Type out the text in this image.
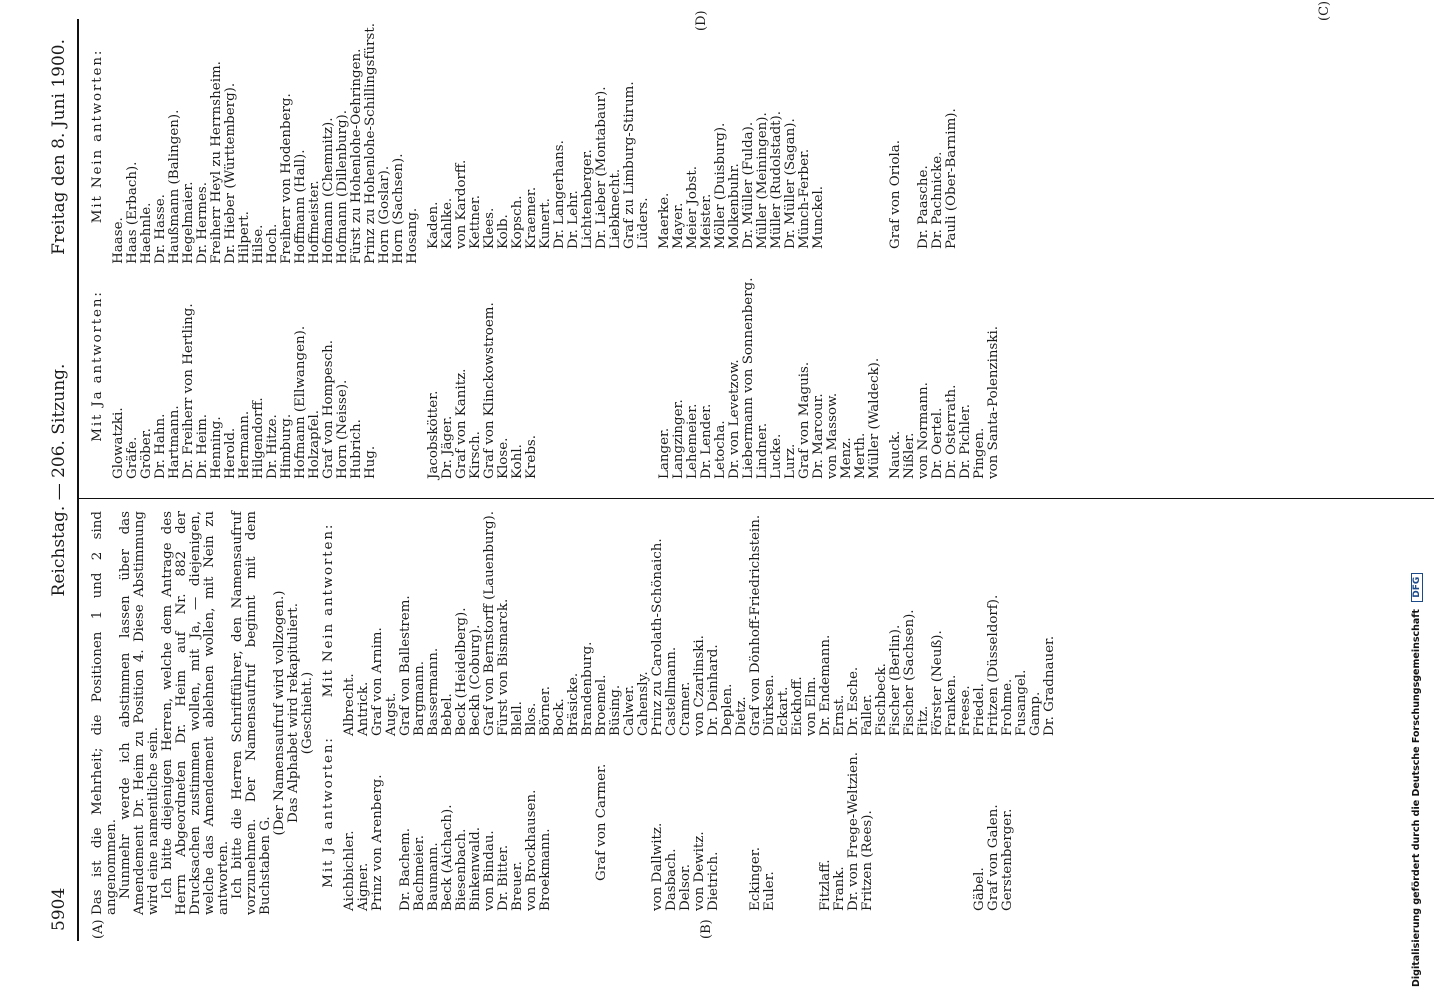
5904
Reichstag. — 206. Sitzung.
Freitag den 8. Juni 1900.
(A)	(B)
(C)
(D)

Das ist die Mehrheit; die Positionen 1 und 2 sind angenommen. Nunmehr werde ich abstimmen lassen über das Amendement Dr. Heim zu Position 4. Diese Abstimmung wird eine namentliche sein. Ich bitte diejenigen Herren, welche dem Antrage des Herrn Abgeordneten Dr. Heim auf Nr. 882 der Drucksachen zustimmen wollen, mit Ja, — diejenigen, welche das Amendement ablehnen wollen, mit Nein zu antworten. Ich bitte die Herren Schriftführer, den Namensaufruf vorzunehmen. Der Namensaufruf beginnt mit dem Buchstaben G.

(Der Namensaufruf wird vollzogen.) Das Alphabet wird rekapituliert. (Geschieht.)
Mit Ja antworten:
Mit Nein antworten:
Aichbichler. Aigner. Prinz von Arenberg.
Dr. Bachem. Bachmeier. Baumann. Beck (Aichach). Biesenbach. Binkenwald. von Bindau. Dr. Bitter. Breuer. von Brockhausen. Broekmann.

	Graf von Carmer.

	von Dallwitz. Dasbach. Delsor. von Dewitz. Dietrich.

Eckinger. Euler.

	Fitzlaff. Frank. Dr. von Frege-Weltzien. Fritzen (Rees).

	Gäbel. Graf von Galen. Gerstenberger.
Albrecht. Antrick. Graf von Arnim. Augst. Graf von Ballestrem. Bargmann. Bassermann. Bebel. Beck (Heidelberg). Beckh (Coburg). Graf von Bernstorff (Lauenburg). Fürst von Bismarck. Blell. Blos. Börner. Bock. Bräsicke. Brandenburg. Broemel. Büsing. Calwer. Cahensly. Prinz zu Carolath-Schönaich. Castellmann. Cramer. von Czarlinski. Dr. Deinhard. Deplen. Dietz. Graf von Dönhoff-Friedrichstein. Dürksen. Eckart. Eickhoff. von Elm. Dr. Endemann. Ernst. Dr. Esche. Faller. Fischbeck. Fischer (Berlin). Fischer (Sachsen). Fitz. Förster (Neuß). Franken. Freese. Friedel. Fritzen (Düsseldorf). Frohme. Fusangel. Gamp. Dr. Gradnauer.
Mit Ja antworten:
Mit Nein antworten:
Glowatzki. Gräfe. Gröber. Dr. Hahn. Hartmann. Dr. Freiherr von Hertling. Dr. Heim. Henning. Herold. Hermann. Hilgendorff. Dr. Hitze. Himburg. Hofmann (Ellwangen). Holzapfel. Graf von Hompesch. Horn (Neisse). Hubrich. Hug.
Haase. Haas (Erbach). Haehnle. Dr. Hasse. Haußmann (Balingen). Hegelmaier. Dr. Hermes. Freiherr Heyl zu Herrnsheim. Dr. Hieber (Württemberg). Hilpert. Hilse. Hoch. Freiherr von Hodenberg. Hoffmann (Hall). Hoffmeister. Hofmann (Chemnitz). Hofmann (Dillenburg). Fürst zu Hohenlohe-Oehringen. Prinz zu Hohenlohe-Schillingsfürst. Horn (Goslar). Horn (Sachsen). Hosang.
Jacobskötter. Dr. Jäger. Graf von Kanitz. Kirsch. Graf von Klinckowstroem. Klose. Kohl. Krebs.
Kaden. Kahlke. von Kardorff. Kettner. Klees. Kolb. Kopsch. Kraemer. Kunert. Dr. Langerhans. Dr. Lehr. Lichtenberger. Dr. Lieber (Montabaur). Liebknecht. Graf zu Limburg-Stirum. Lüders.
Langer. Langzinger. Lehemeier. Dr. Lender. Letocha. Dr. von Levetzow. Liebermann von Sonnenberg. Lindner. Lucke. Lurz. Graf von Maguis. Dr. Marcour. von Massow. Menz. Merth. Müller (Waldeck).
Maerke. Mayer. Meier Jobst. Meister. Möller (Duisburg). Molkenbuhr. Dr. Müller (Fulda). Müller (Meiningen). Müller (Rudolstadt). Dr. Müller (Sagan). Münch-Ferber. Munckel.
Nauck. Nißler. von Normann. Dr. Oertel. Dr. Osterrath. Dr. Pichler. Pingen. von Santa-Polenzinski.
Graf von Oriola.
Dr. Paasche. Dr. Pachnicke. Pauli (Ober-Barnim).
Digitalisierung gefördert durch die Deutsche Forschungsgemeinschaft DFG
